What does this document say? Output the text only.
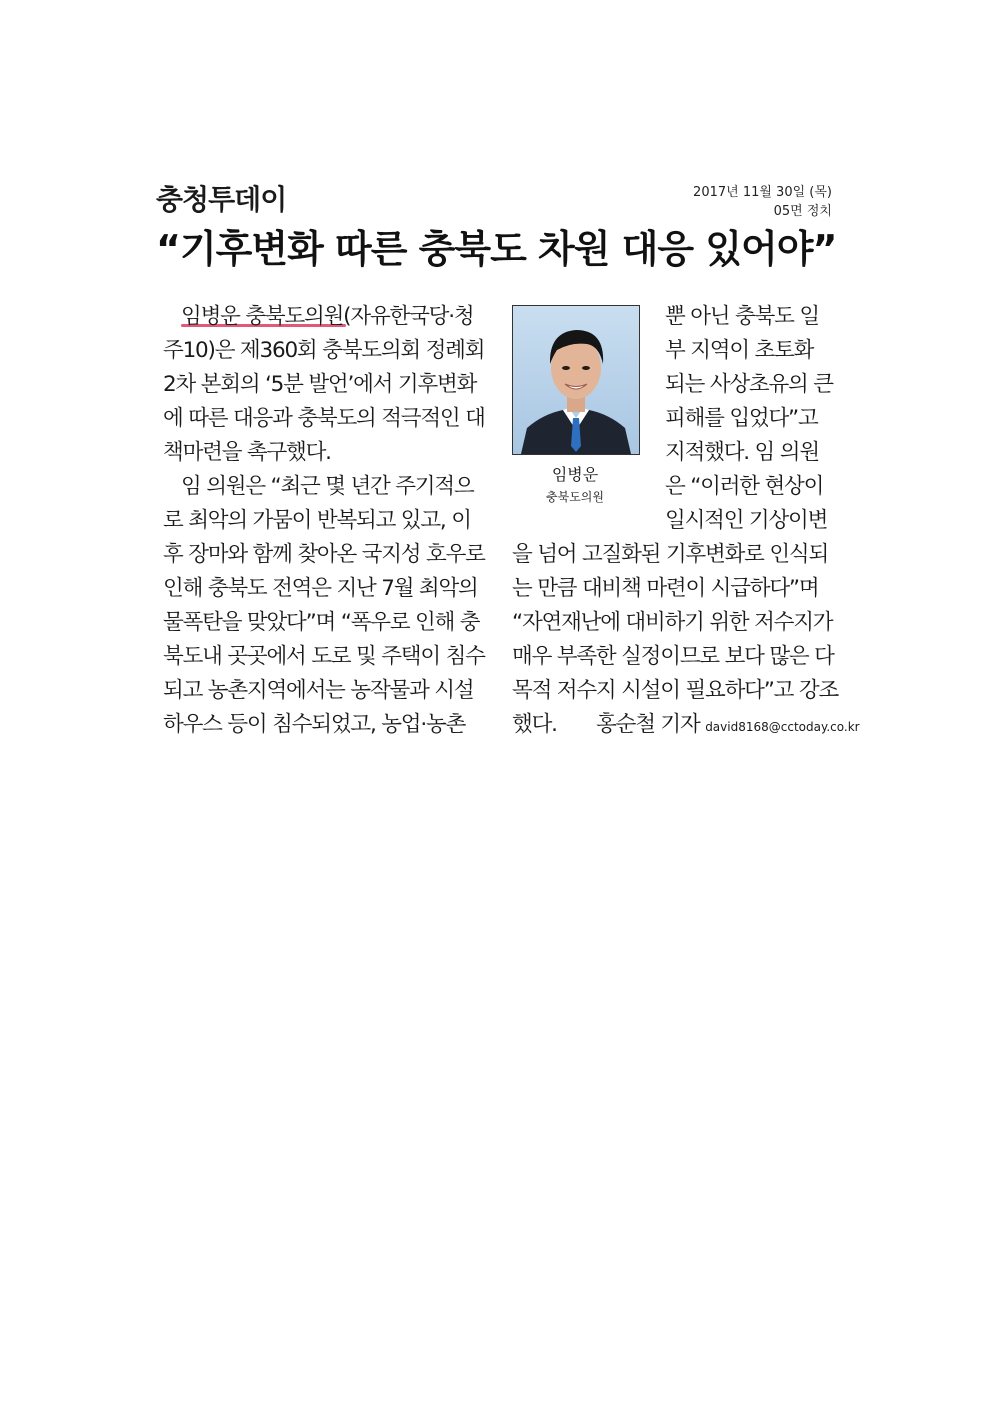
충청투데이	2017년 11월 30일 (목)
05면 정치
“기후변화 따른 충북도 차원 대응 있어야”
임병운 충북도의원(자유한국당·청
주10)은 제360회 충북도의회 정례회
2차 본회의 ‘5분 발언’에서 기후변화
에 따른 대응과 충북도의 적극적인 대
책마련을 촉구했다.
임 의원은 “최근 몇 년간 주기적으
로 최악의 가뭄이 반복되고 있고, 이
후 장마와 함께 찾아온 국지성 호우로
인해 충북도 전역은 지난 7월 최악의
물폭탄을 맞았다”며 “폭우로 인해 충
북도내 곳곳에서 도로 및 주택이 침수
되고 농촌지역에서는 농작물과 시설
하우스 등이 침수되었고, 농업·농촌
임병운
충북도의원
뿐 아닌 충북도 일
부 지역이 초토화
되는 사상초유의 큰
피해를 입었다”고
지적했다. 임 의원
은 “이러한 현상이
일시적인 기상이변
을 넘어 고질화된 기후변화로 인식되
는 만큼 대비책 마련이 시급하다”며
“자연재난에 대비하기 위한 저수지가
매우 부족한 실정이므로 보다 많은 다
목적 저수지 시설이 필요하다”고 강조
했다. 홍순철 기자 david8168@cctoday.co.kr
